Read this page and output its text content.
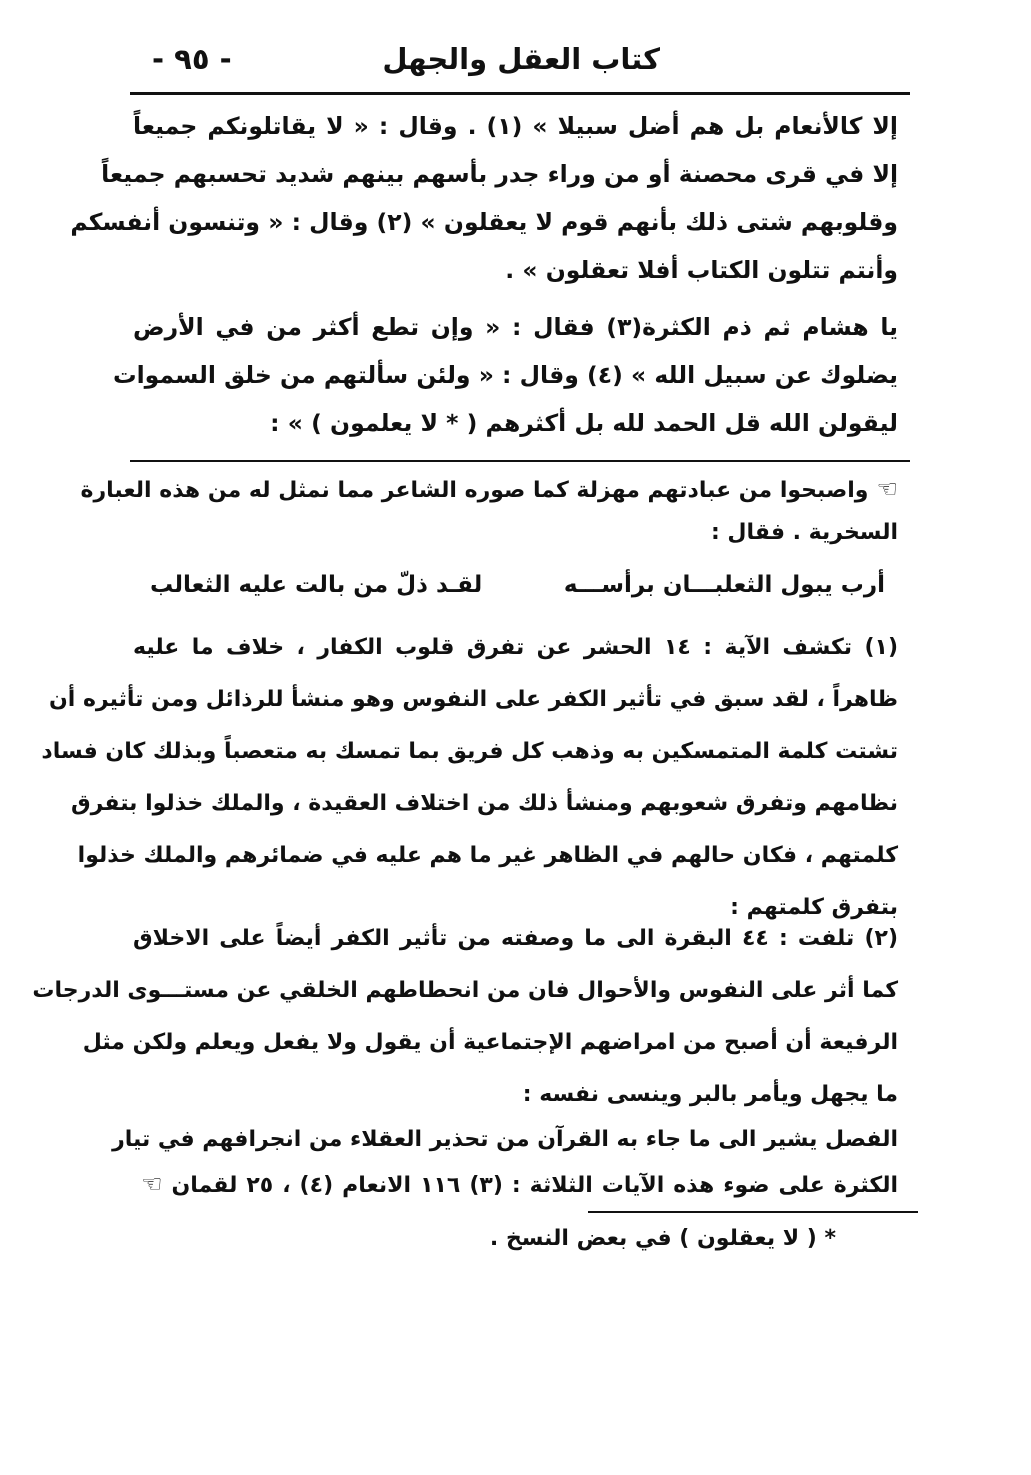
كتاب العقل والجهل
- ٩٥ -
إلا كالأنعام بل هم أضل سبيلا » (١) . وقال : « لا يقاتلونكم جميعاً
إلا في قرى محصنة أو من وراء جدر بأسهم بينهم شديد تحسبهم جميعاً
وقلوبهم شتى ذلك بأنهم قوم لا يعقلون » (٢) وقال : « وتنسون أنفسكم
وأنتم تتلون الكتاب أفلا تعقلون » .
يا هشام ثم ذم الكثرة(٣) فقال : « وإن تطع أكثر من في الأرض
يضلوك عن سبيل الله » (٤) وقال : « ولئن سألتهم من خلق السموات
ليقولن الله قل الحمد لله بل أكثرهم ( * لا يعلمون ) » :
☜واصبحوا من عبادتهم مهزلة كما صوره الشاعر مما نمثل له من هذه العبارة
السخرية . فقال :
أرب يبول الثعلبـــان برأســـه
لقـد ذلّ من بالت عليه الثعالب
(١) تكشف الآية : ١٤ الحشر عن تفرق قلوب الكفار ، خلاف ما عليه
ظاهراً ، لقد سبق في تأثير الكفر على النفوس وهو منشأ للرذائل ومن تأثيره أن
تشتت كلمة المتمسكين به وذهب كل فريق بما تمسك به متعصباً وبذلك كان فساد
نظامهم وتفرق شعوبهم ومنشأ ذلك من اختلاف العقيدة ، والملك خذلوا بتفرق
كلمتهم ، فكان حالهم في الظاهر غير ما هم عليه في ضمائرهم والملك خذلوا
بتفرق كلمتهم :
(٢) تلفت : ٤٤ البقرة الى ما وصفته من تأثير الكفر أيضاً على الاخلاق
كما أثر على النفوس والأحوال فان من انحطاطهم الخلقي عن مستـــوى الدرجات
الرفيعة أن أصبح من امراضهم الإجتماعية أن يقول ولا يفعل ويعلم ولكن مثل
ما يجهل ويأمر بالبر وينسى نفسه :
الفصل يشير الى ما جاء به القرآن من تحذير العقلاء من انجرافهم في تيار
الكثرة على ضوء هذه الآيات الثلاثة : (٣) ١١٦ الانعام (٤) ، ٢٥ لقمان ☜
* ( لا يعقلون ) في بعض النسخ .
